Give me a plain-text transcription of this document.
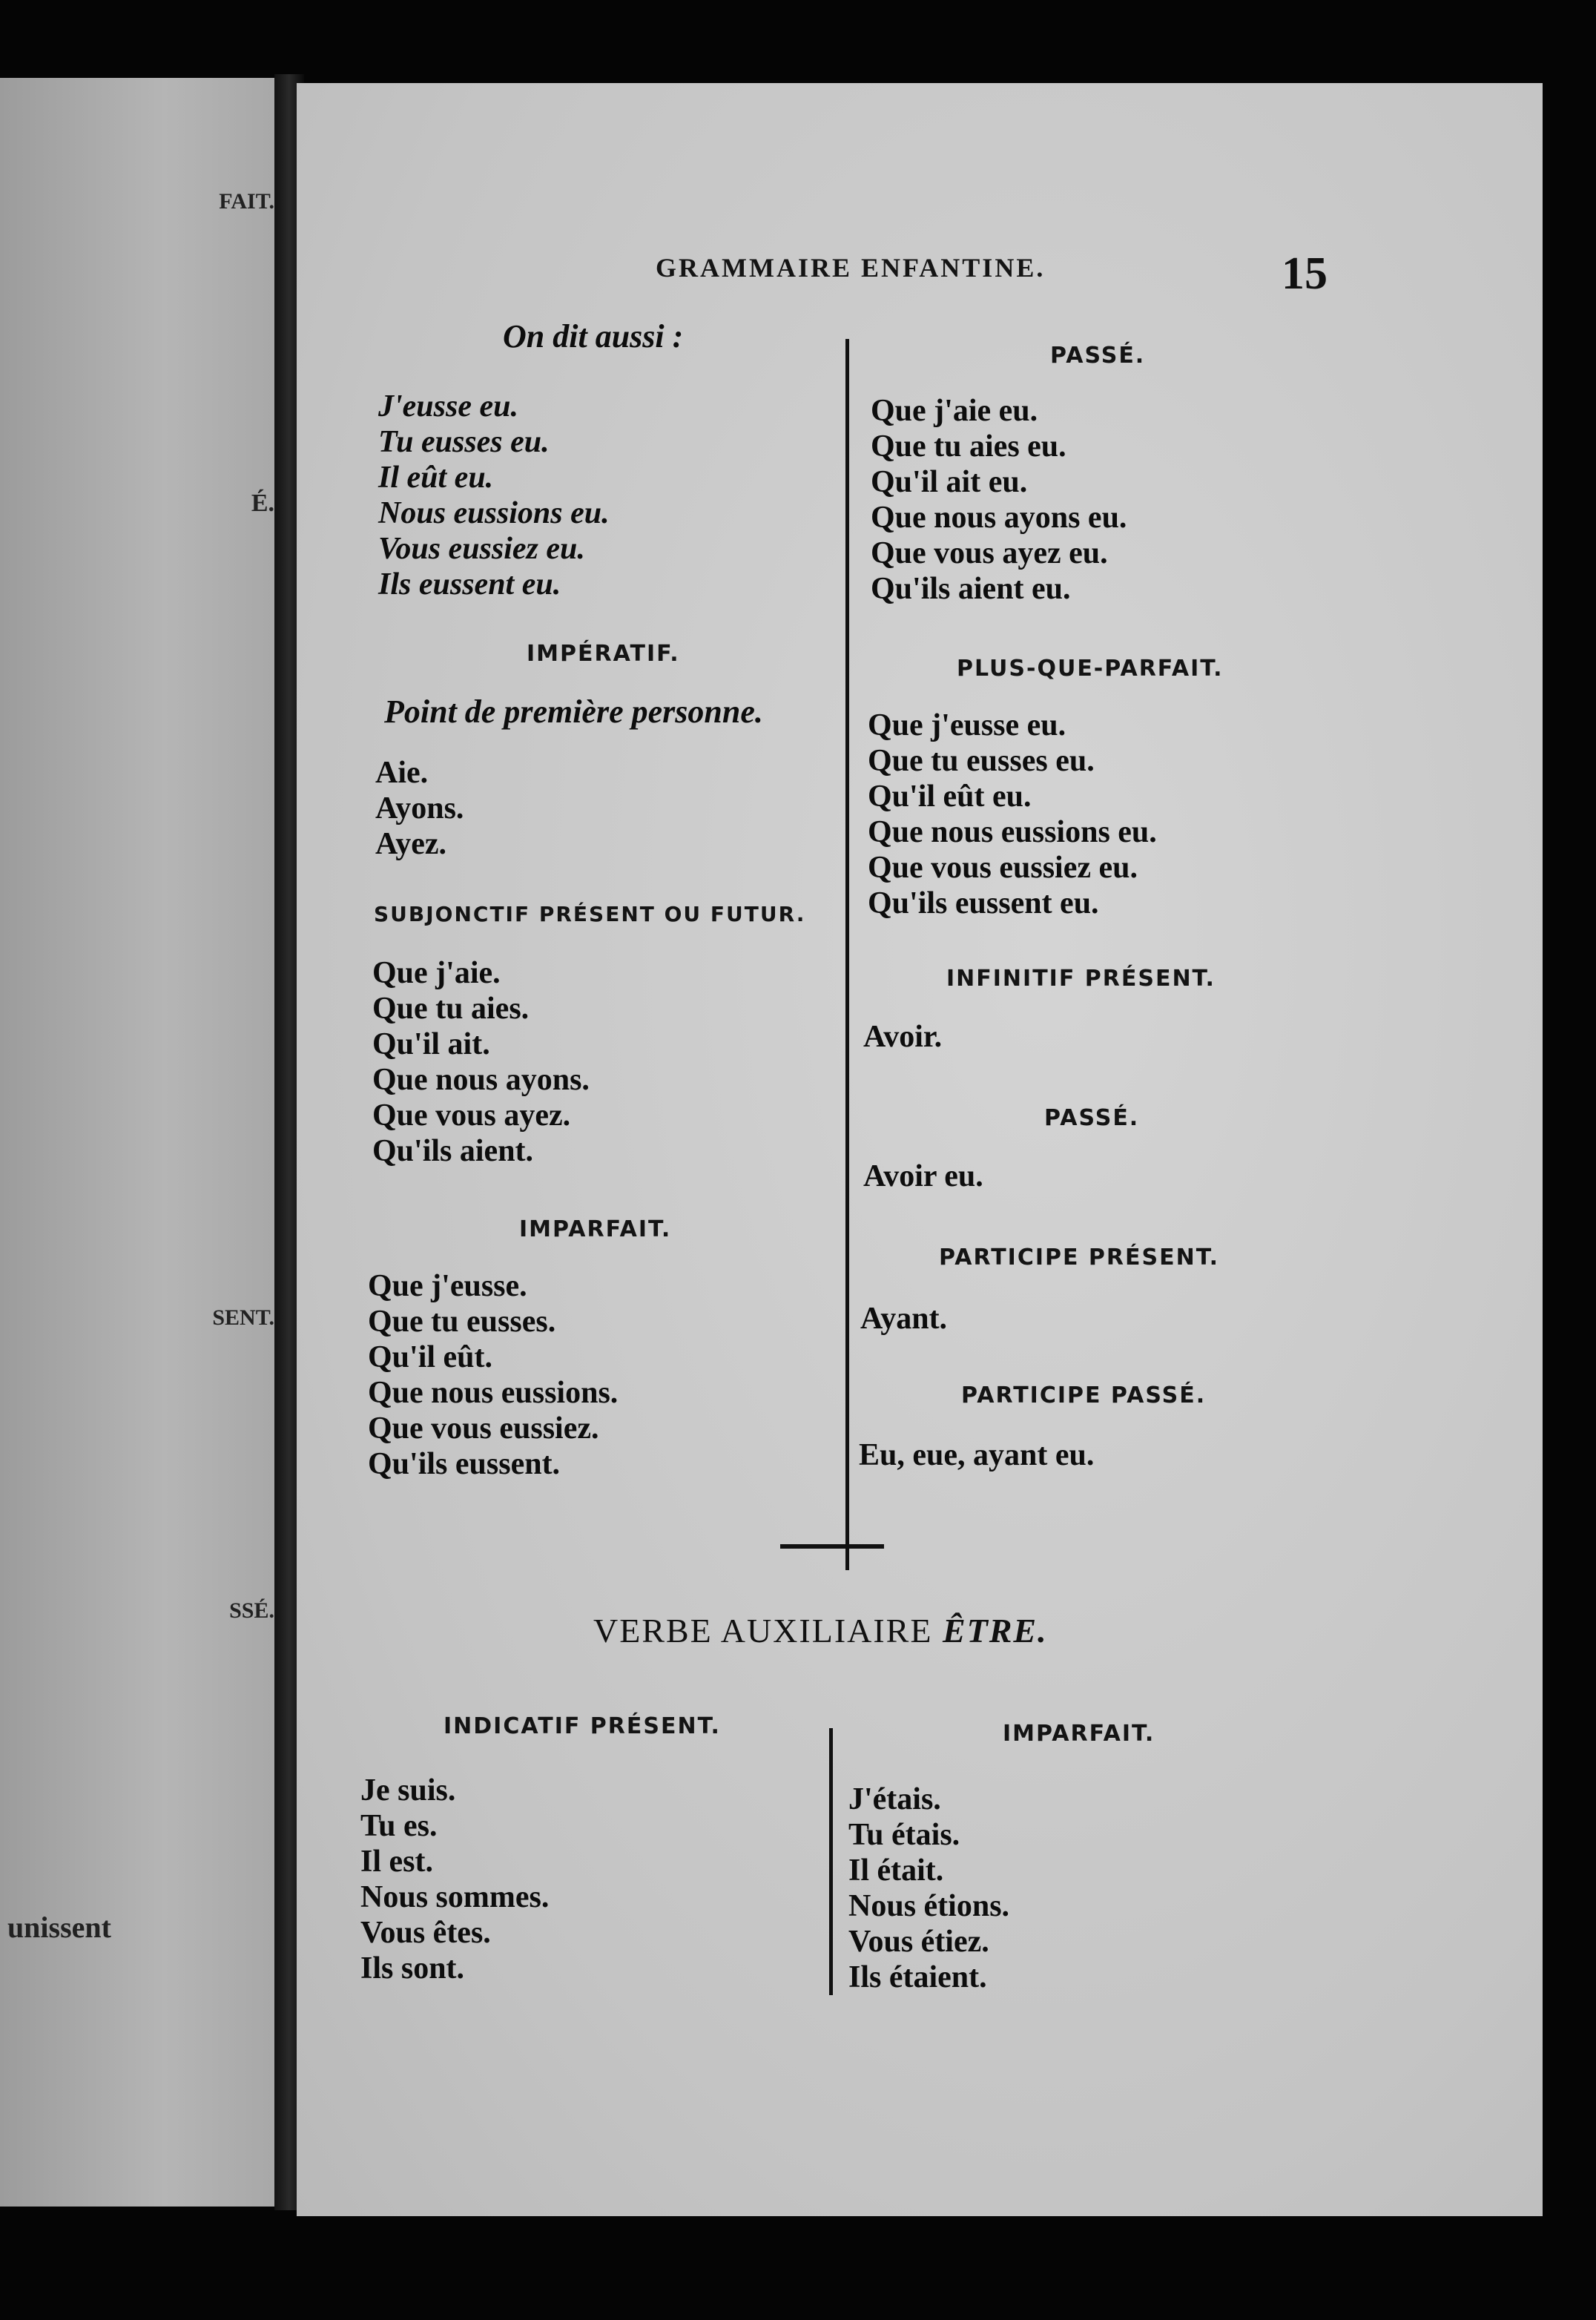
FAIT.
É.
SENT.
SSÉ.
unissent
GRAMMAIRE ENFANTINE.	15
On dit aussi :
J'eusse eu.
Tu eusses eu.
Il eût eu.
Nous eussions eu.
Vous eussiez eu.
Ils eussent eu.
IMPÉRATIF.
Point de première personne.
Aie.
Ayons.
Ayez.
SUBJONCTIF PRÉSENT OU FUTUR.
Que j'aie.
Que tu aies.
Qu'il ait.
Que nous ayons.
Que vous ayez.
Qu'ils aient.
IMPARFAIT.
Que j'eusse.
Que tu eusses.
Qu'il eût.
Que nous eussions.
Que vous eussiez.
Qu'ils eussent.
PASSÉ.
Que j'aie eu.
Que tu aies eu.
Qu'il ait eu.
Que nous ayons eu.
Que vous ayez eu.
Qu'ils aient eu.
PLUS-QUE-PARFAIT.
Que j'eusse eu.
Que tu eusses eu.
Qu'il eût eu.
Que nous eussions eu.
Que vous eussiez eu.
Qu'ils eussent eu.
INFINITIF PRÉSENT.
Avoir.
PASSÉ.
Avoir eu.
PARTICIPE PRÉSENT.
Ayant.
PARTICIPE PASSÉ.
Eu, eue, ayant eu.
VERBE AUXILIAIRE ÊTRE.
INDICATIF PRÉSENT.
Je suis.
Tu es.
Il est.
Nous sommes.
Vous êtes.
Ils sont.
IMPARFAIT.
J'étais.
Tu étais.
Il était.
Nous étions.
Vous étiez.
Ils étaient.
